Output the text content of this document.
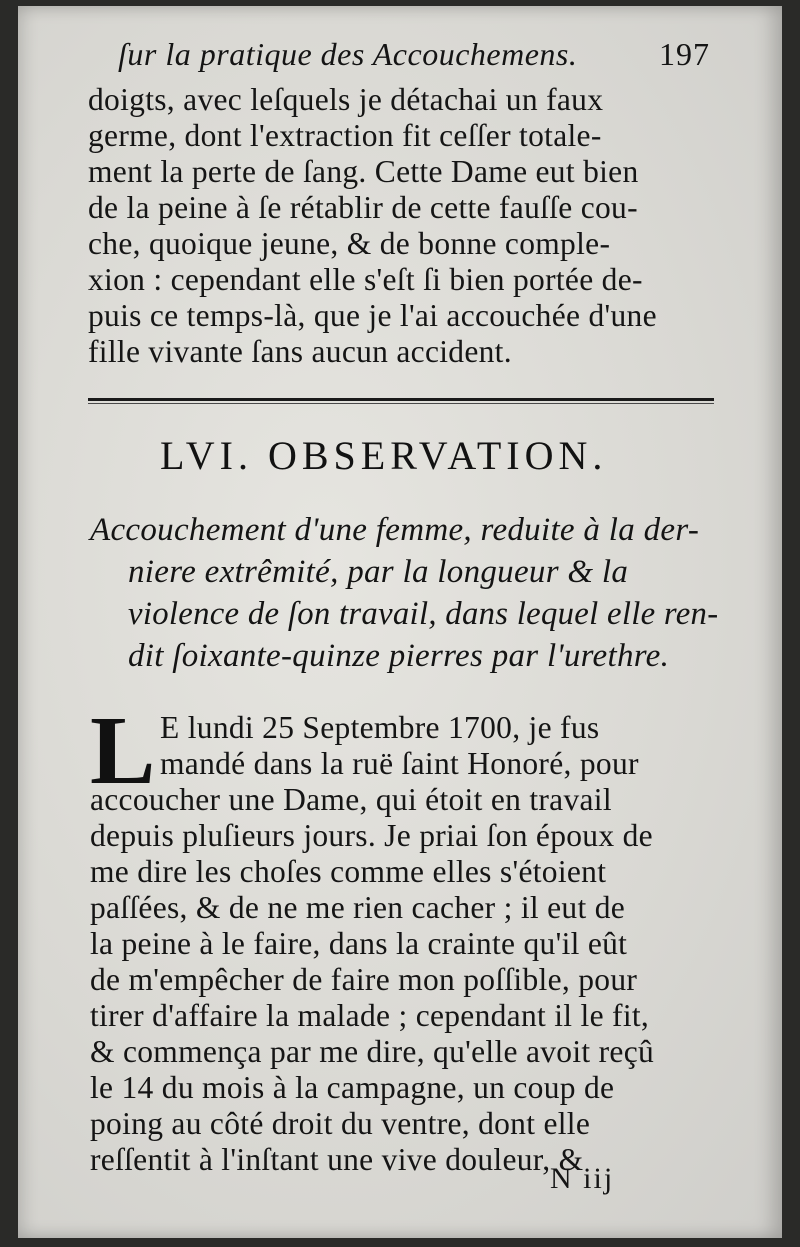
ſur la pratique des Accouchemens.	197
doigts, avec leſquels je détachai un faux
germe, dont l'extraction fit ceſſer totale-
ment la perte de ſang. Cette Dame eut bien
de la peine à ſe rétablir de cette fauſſe cou-
che, quoique jeune, & de bonne comple-
xion : cependant elle s'eſt ſi bien portée de-
puis ce temps-là, que je l'ai accouchée d'une
fille vivante ſans aucun accident.
LVI. OBSERVATION.
Accouchement d'une femme, reduite à la der-
niere extrêmité, par la longueur & la
violence de ſon travail, dans lequel elle ren-
dit ſoixante-quinze pierres par l'urethre.
L E lundi 25 Septembre 1700, je fus
mandé dans la ruë ſaint Honoré, pour
accoucher une Dame, qui étoit en travail
depuis pluſieurs jours. Je priai ſon époux de
me dire les choſes comme elles s'étoient
paſſées, & de ne me rien cacher ; il eut de
la peine à le faire, dans la crainte qu'il eût
de m'empêcher de faire mon poſſible, pour
tirer d'affaire la malade ; cependant il le fit,
& commença par me dire, qu'elle avoit reçû
le 14 du mois à la campagne, un coup de
poing au côté droit du ventre, dont elle
reſſentit à l'inſtant une vive douleur, &
N iij
